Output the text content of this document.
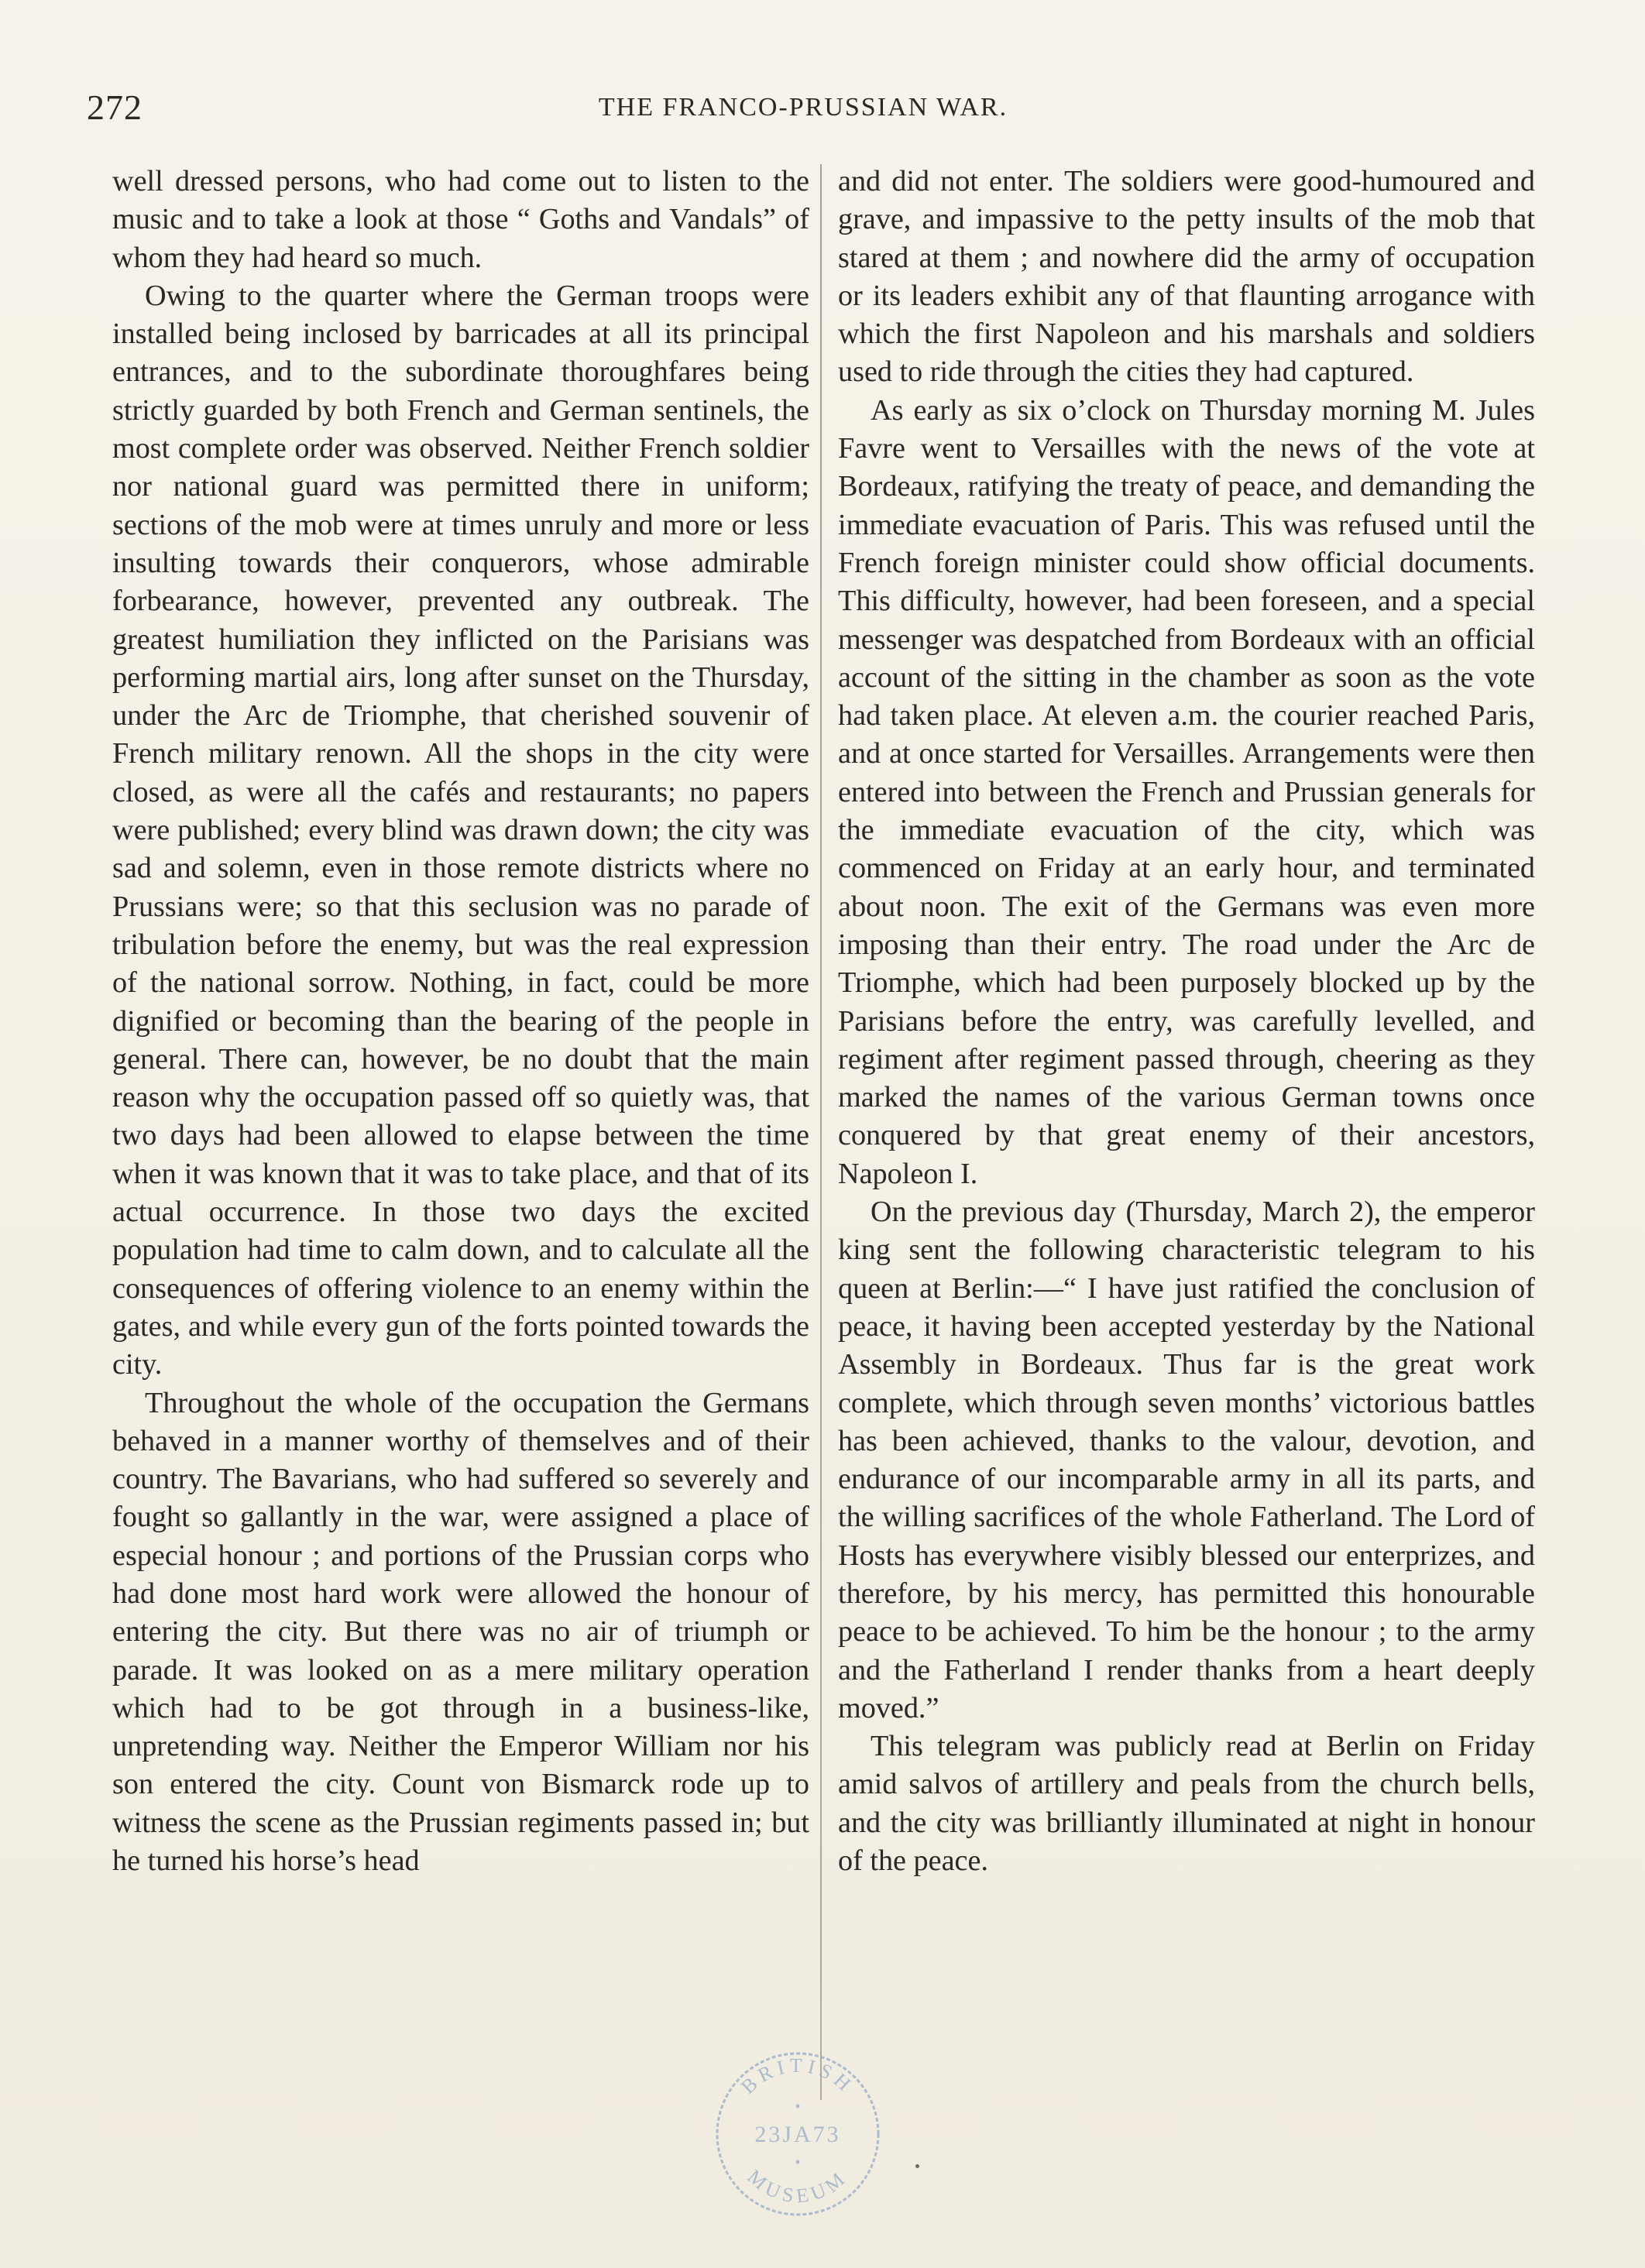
272	THE FRANCO-PRUSSIAN WAR.

well dressed persons, who had come out to listen to the music and to take a look at those “ Goths and Vandals” of whom they had heard so much.

Owing to the quarter where the German troops were installed being inclosed by barricades at all its principal entrances, and to the subordinate thoroughfares being strictly guarded by both French and German sentinels, the most complete order was observed. Neither French soldier nor national guard was permitted there in uniform; sections of the mob were at times unruly and more or less insulting towards their conquerors, whose admirable forbearance, however, prevented any outbreak. The greatest humiliation they inflicted on the Parisians was performing martial airs, long after sunset on the Thursday, under the Arc de Triomphe, that cherished souvenir of French military renown. All the shops in the city were closed, as were all the cafés and restaurants; no papers were published; every blind was drawn down; the city was sad and solemn, even in those remote districts where no Prussians were; so that this seclusion was no parade of tribulation before the enemy, but was the real expression of the national sorrow. Nothing, in fact, could be more dignified or becoming than the bearing of the people in general. There can, however, be no doubt that the main reason why the occupation passed off so quietly was, that two days had been allowed to elapse between the time when it was known that it was to take place, and that of its actual occurrence. In those two days the excited population had time to calm down, and to calculate all the consequences of offering violence to an enemy within the gates, and while every gun of the forts pointed towards the city.

Throughout the whole of the occupation the Germans behaved in a manner worthy of themselves and of their country. The Bavarians, who had suffered so severely and fought so gallantly in the war, were assigned a place of especial honour ; and portions of the Prussian corps who had done most hard work were allowed the honour of entering the city. But there was no air of triumph or parade. It was looked on as a mere military operation which had to be got through in a business-like, unpretending way. Neither the Emperor William nor his son entered the city. Count von Bismarck rode up to witness the scene as the Prussian regiments passed in; but he turned his horse’s head

and did not enter. The soldiers were good-humoured and grave, and impassive to the petty insults of the mob that stared at them ; and nowhere did the army of occupation or its leaders exhibit any of that flaunting arrogance with which the first Napoleon and his marshals and soldiers used to ride through the cities they had captured.

As early as six o’clock on Thursday morning M. Jules Favre went to Versailles with the news of the vote at Bordeaux, ratifying the treaty of peace, and demanding the immediate evacuation of Paris. This was refused until the French foreign minister could show official documents. This difficulty, however, had been foreseen, and a special messenger was despatched from Bordeaux with an official account of the sitting in the chamber as soon as the vote had taken place. At eleven a.m. the courier reached Paris, and at once started for Versailles. Arrangements were then entered into between the French and Prussian generals for the immediate evacuation of the city, which was commenced on Friday at an early hour, and terminated about noon. The exit of the Germans was even more imposing than their entry. The road under the Arc de Triomphe, which had been purposely blocked up by the Parisians before the entry, was carefully levelled, and regiment after regiment passed through, cheering as they marked the names of the various German towns once conquered by that great enemy of their ancestors, Napoleon I.

On the previous day (Thursday, March 2), the emperor king sent the following characteristic telegram to his queen at Berlin:—“ I have just ratified the conclusion of peace, it having been accepted yesterday by the National Assembly in Bordeaux. Thus far is the great work complete, which through seven months’ victorious battles has been achieved, thanks to the valour, devotion, and endurance of our incomparable army in all its parts, and the willing sacrifices of the whole Fatherland. The Lord of Hosts has everywhere visibly blessed our enterprizes, and therefore, by his mercy, has permitted this honourable peace to be achieved. To him be the honour ; to the army and the Fatherland I render thanks from a heart deeply moved.”

This telegram was publicly read at Berlin on Friday amid salvos of artillery and peals from the church bells, and the city was brilliantly illuminated at night in honour of the peace.

BRITISH
23JA73
MUSEUM
